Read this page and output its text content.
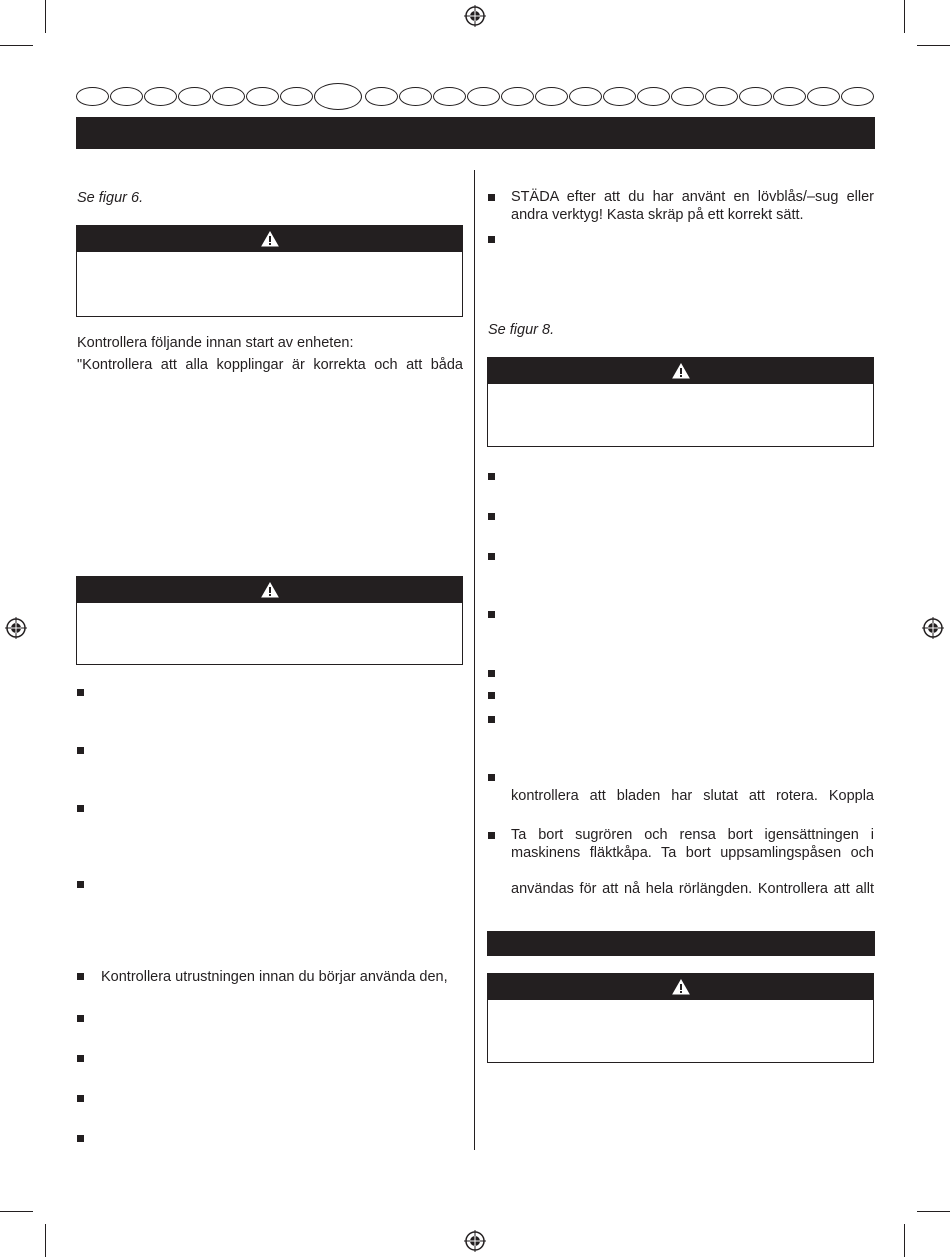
Se figur 6.
Kontrollera följande innan start av enheten:
"Kontrollera att alla kopplingar är korrekta och att båda
Kontrollera utrustningen innan du börjar använda den,
STÄDA efter att du har använt en lövblås/–sug eller
andra verktyg! Kasta skräp på ett korrekt sätt.
Se figur 8.
kontrollera att bladen har slutat att rotera. Koppla
Ta bort sugrören och rensa bort igensättningen i
maskinens fläktkåpa. Ta bort uppsamlingspåsen och
användas för att nå hela rörlängden. Kontrollera att allt
